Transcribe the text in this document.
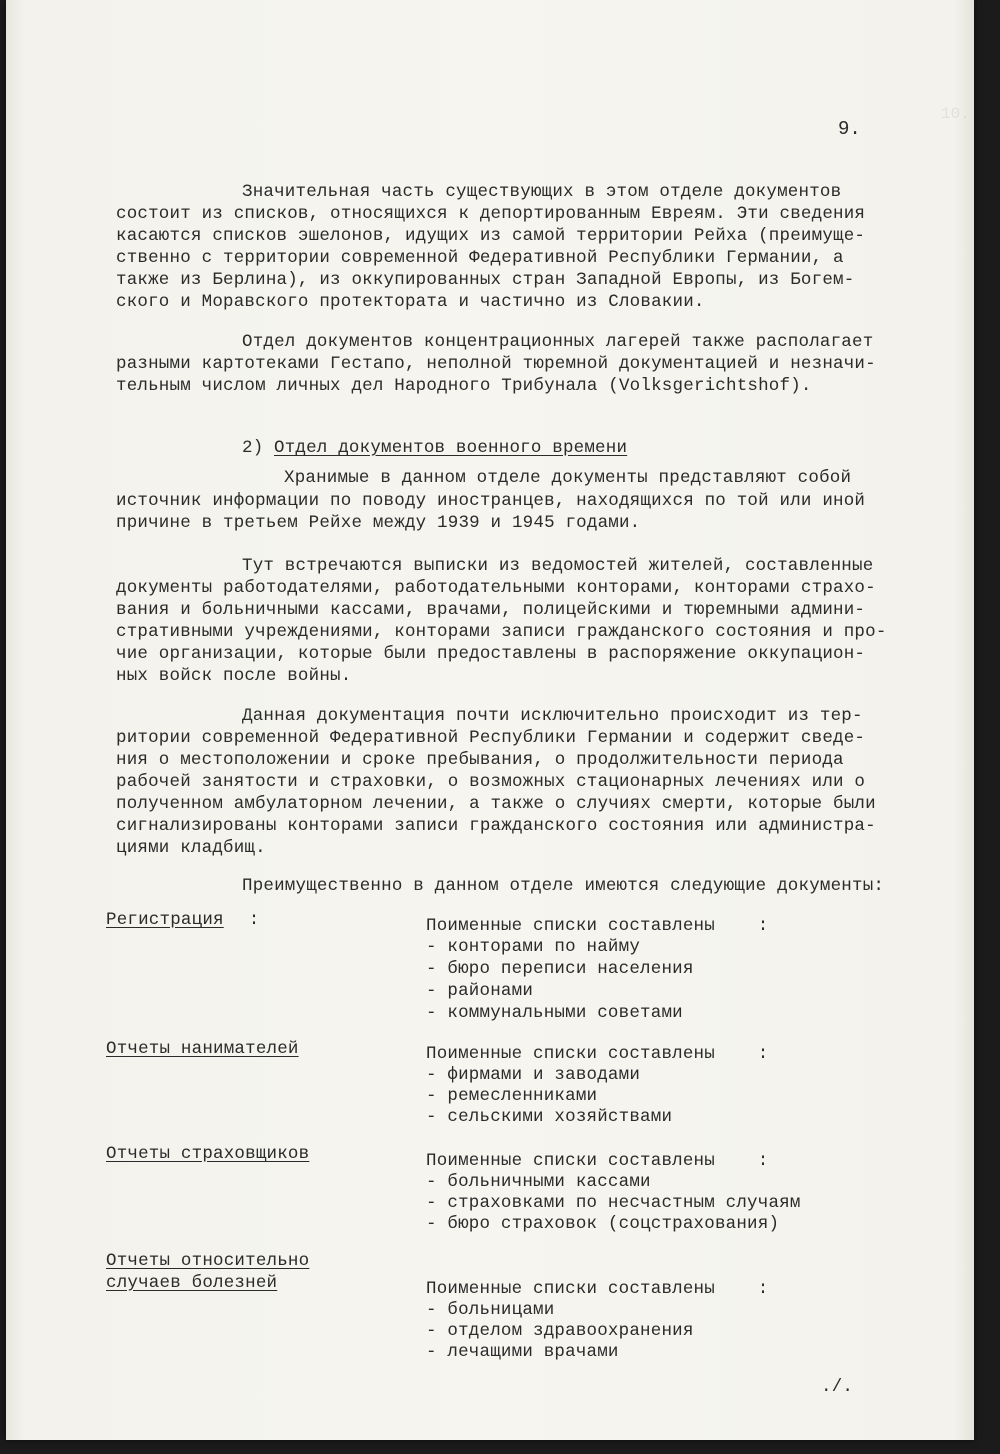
10.
9.
Значительная часть существующих в этом отделе документов
состоит из списков, относящихся к депортированным Евреям. Эти сведения
касаются списков эшелонов, идущих из самой территории Рейха (преимуще-
ственно с территории современной Федеративной Республики Германии, а
также из Берлина), из оккупированных стран Западной Европы, из Богем-
ского и Моравского протектората и частично из Словакии.
Отдел документов концентрационных лагерей также располагает
разными картотеками Гестапо, неполной тюремной документацией и незначи-
тельным числом личных дел Народного Трибунала (Volksgerichtshof).
2) Отдел документов военного времени
Хранимые в данном отделе документы представляют собой
источник информации по поводу иностранцев, находящихся по той или иной
причине в третьем Рейхе между 1939 и 1945 годами.
Тут встречаются выписки из ведомостей жителей, составленные
документы работодателями, работодательными конторами, конторами страхо-
вания и больничными кассами, врачами, полицейскими и тюремными админи-
стративными учреждениями, конторами записи гражданского состояния и про-
чие организации, которые были предоставлены в распоряжение оккупацион-
ных войск после войны.
Данная документация почти исключительно происходит из тер-
ритории современной Федеративной Республики Германии и содержит сведе-
ния о местоположении и сроке пребывания, о продолжительности периода
рабочей занятости и страховки, о возможных стационарных лечениях или о
полученном амбулаторном лечении, а также о случиях смерти, которые были
сигнализированы конторами записи гражданского состояния или администра-
циями кладбищ.
Преимущественно в данном отделе имеются следующие документы:
Регистрация :	Поименные списки составлены    :
- конторами по найму
- бюро переписи населения
- районами
- коммунальными советами
Отчеты нанимателей	Поименные списки составлены    :
- фирмами и заводами
- ремесленниками
- сельскими хозяйствами
Отчеты страховщиков	Поименные списки составлены    :
- больничными кассами
- страховками по несчастным случаям
- бюро страховок (соцстрахования)
Отчеты относительно
случаев болезней	Поименные списки составлены    :
- больницами
- отделом здравоохранения
- лечащими врачами
./.
